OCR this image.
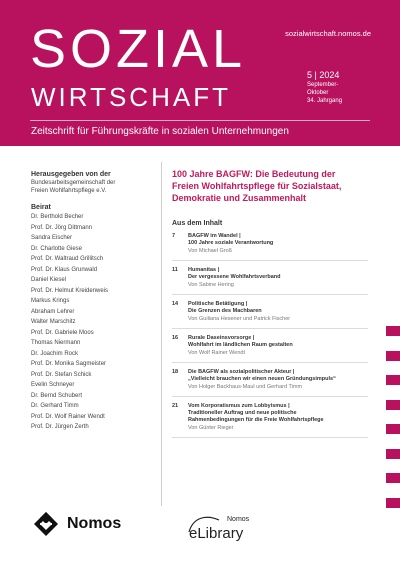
SOZIAL
WIRTSCHAFT
sozialwirtschaft.nomos.de
5 | 2024
September-
Oktober
34. Jahrgang
Zeitschrift für Führungskräfte in sozialen Unternehmungen
Herausgegeben von der
Bundesarbeitsgemeinschaft der
Freien Wohlfahrtspflege e.V.
Beirat
Dr. Berthold Becher
Prof. Dr. Jörg Dittmann
Sandra Eischer
Dr. Charlotte Giese
Prof. Dr. Waltraud Grillitsch
Prof. Dr. Klaus Grunwald
Daniel Kiesel
Prof. Dr. Helmut Kreidenweis
Markus Krings
Abraham Lehrer
Walter Marschitz
Prof. Dr. Gabriele Moos
Thomas Niermann
Dr. Joachim Rock
Prof. Dr. Monika Sagmeister
Prof. Dr. Stefan Schick
Evelin Schneyer
Dr. Bernd Schubert
Dr. Gerhard Timm
Prof. Dr. Wolf Rainer Wendt
Prof. Dr. Jürgen Zerth
100 Jahre BAGFW: Die Bedeutung der
Freien Wohlfahrtspflege für Sozialstaat,
Demokratie und Zusammenhalt
Aus dem Inhalt
7	BAGFW im Wandel |
100 Jahre soziale Verantwortung
Von Michael Groß
11	Humanitas |
Der vergessene Wohlfahrtsverband
Von Sabine Hering
14	Politische Betätigung |
Die Grenzen des Machbaren
Von Guiliana Hesener und Patrick Fischer
16	Rurale Daseinsvorsorge |
Wohlfahrt im ländlichen Raum gestalten
Von Wolf Rainer Wendt
18	Die BAGFW als sozialpolitischer Akteur |
„Vielleicht brauchen wir einen neuen Gründungsimpuls“
Von Holger Backhaus-Maul und Gerhard Timm
21	Vom Korporatismus zum Lobbyismus |
Traditioneller Auftrag und neue politische
Rahmenbedingungen für die Freie Wohlfahrtspflege
Von Günter Rieger
Nomos	Nomos
eLibrary
